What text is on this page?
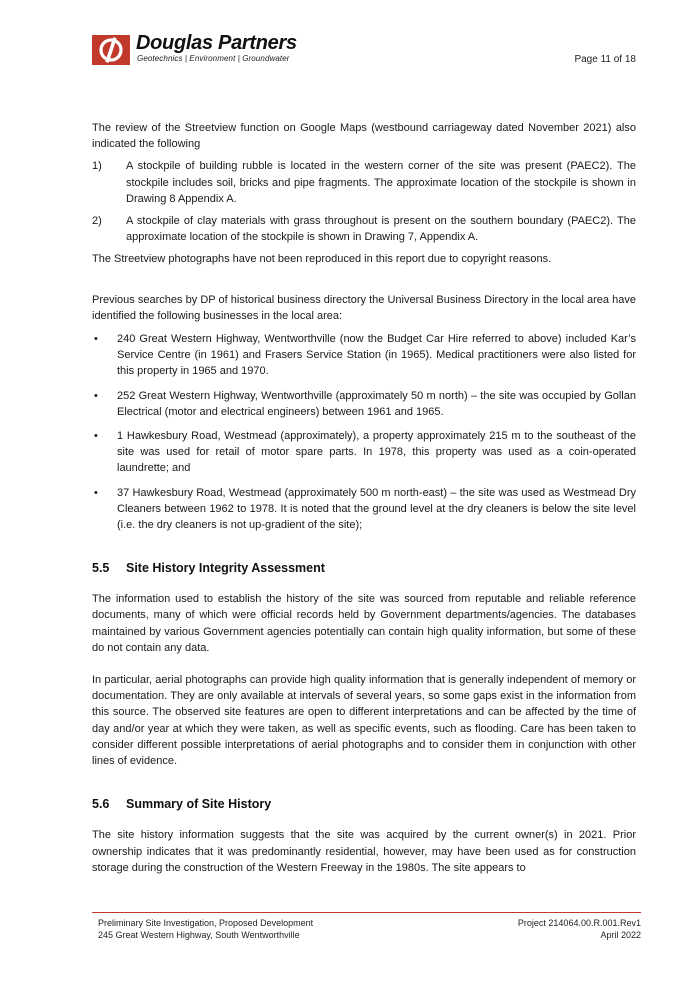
Douglas Partners
Geotechnics | Environment | Groundwater	Page 11 of 18

The review of the Streetview function on Google Maps (westbound carriageway dated November 2021) also indicated the following

1) A stockpile of building rubble is located in the western corner of the site was present (PAEC2). The stockpile includes soil, bricks and pipe fragments. The approximate location of the stockpile is shown in Drawing 8 Appendix A.

2) A stockpile of clay materials with grass throughout is present on the southern boundary (PAEC2). The approximate location of the stockpile is shown in Drawing 7, Appendix A.

The Streetview photographs have not been reproduced in this report due to copyright reasons.

Previous searches by DP of historical business directory the Universal Business Directory in the local area have identified the following businesses in the local area:

• 240 Great Western Highway, Wentworthville (now the Budget Car Hire referred to above) included Kar’s Service Centre (in 1961) and Frasers Service Station (in 1965). Medical practitioners were also listed for this property in 1965 and 1970.

• 252 Great Western Highway, Wentworthville (approximately 50 m north) – the site was occupied by Gollan Electrical (motor and electrical engineers) between 1961 and 1965.

• 1 Hawkesbury Road, Westmead (approximately), a property approximately 215 m to the southeast of the site was used for retail of motor spare parts. In 1978, this property was used as a coin-operated laundrette; and

• 37 Hawkesbury Road, Westmead (approximately 500 m north-east) – the site was used as Westmead Dry Cleaners between 1962 to 1978. It is noted that the ground level at the dry cleaners is below the site level (i.e. the dry cleaners is not up-gradient of the site);

5.5 Site History Integrity Assessment

The information used to establish the history of the site was sourced from reputable and reliable reference documents, many of which were official records held by Government departments/agencies. The databases maintained by various Government agencies potentially can contain high quality information, but some of these do not contain any data.

In particular, aerial photographs can provide high quality information that is generally independent of memory or documentation. They are only available at intervals of several years, so some gaps exist in the information from this source. The observed site features are open to different interpretations and can be affected by the time of day and/or year at which they were taken, as well as specific events, such as flooding. Care has been taken to consider different possible interpretations of aerial photographs and to consider them in conjunction with other lines of evidence.

5.6 Summary of Site History

The site history information suggests that the site was acquired by the current owner(s) in 2021. Prior ownership indicates that it was predominantly residential, however, may have been used as for construction storage during the construction of the Western Freeway in the 1980s. The site appears to

Preliminary Site Investigation, Proposed Development
245 Great Western Highway, South Wentworthville
Project 214064.00.R.001.Rev1
April 2022
